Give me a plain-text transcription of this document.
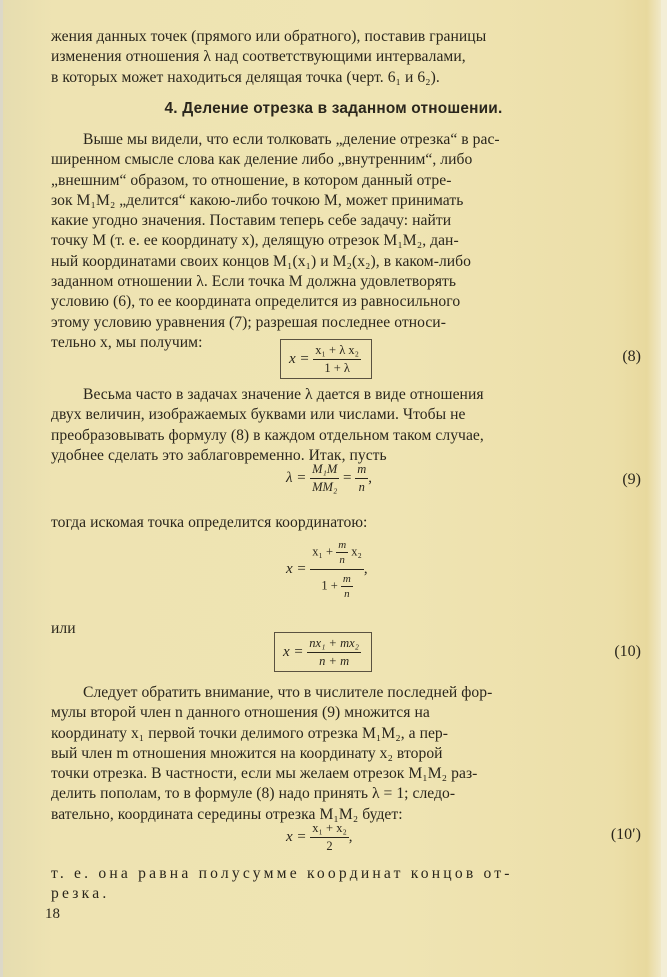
жения данных точек (прямого или обратного), поставив границы

изменения отношения λ над соответствующими интервалами,

в которых может находиться делящая точка (черт. 6₁ и 6₂).

4. Деление отрезка в заданном отношении.

Выше мы видели, что если толковать „деление отрезка“ в рас-

ширенном смысле слова как деление либо „внутренним“, либо

„внешним“ образом, то отношение, в котором данный отре-

зок M₁M₂ „делится“ какою-либо точкою M, может принимать

какие угодно значения. Поставим теперь себе задачу: найти

точку M (т. е. ее координату x), делящую отрезок M₁M₂, дан-

ный координатами своих концов M₁(x₁) и M₂(x₂), в каком-либо

заданном отношении λ. Если точка M должна удовлетворять

условию (6), то ее координата определится из равносильного

этому условию уравнения (7); разрешая последнее относи-

тельно x, мы получим:

$x = \frac{\text{x₁ + λ x₂}}{1 + \lambda}$	(8)

Весьма часто в задачах значение λ дается в виде отношения

двух величин, изображаемых буквами или числами. Чтобы не

преобразовывать формулу (8) в каждом отдельном таком случае,

удобнее сделать это заблаговременно. Итак, пусть

$\lambda = \frac{\text{M₁M}}{\text{MM₂}} = \frac{m}{n}$ ,	(9)

тогда искомая точка определится координатою:

$x = \frac{x_1 + \frac{m}{n} x_2}{1 + \frac{m}{n}}$ ,

или

$x = \frac{\text{nx₁ + mx₂}}{n + m}$	(10)

Следует обратить внимание, что в числителе последней фор-

мулы второй член n данного отношения (9) множится на

координату x₁ первой точки делимого отрезка M₁M₂, а пер-

вый член m отношения множится на координату x₂ второй

точки отрезка. В частности, если мы желаем отрезок M₁M₂ раз-

делить пополам, то в формуле (8) надо принять λ = 1; следо-

вательно, координата середины отрезка M₁M₂ будет:

$x = \frac{\text{x₁ + x₂}}{2}$ ,	(10′)

т. е. она равна полусумме координат концов от-

резка.

18
